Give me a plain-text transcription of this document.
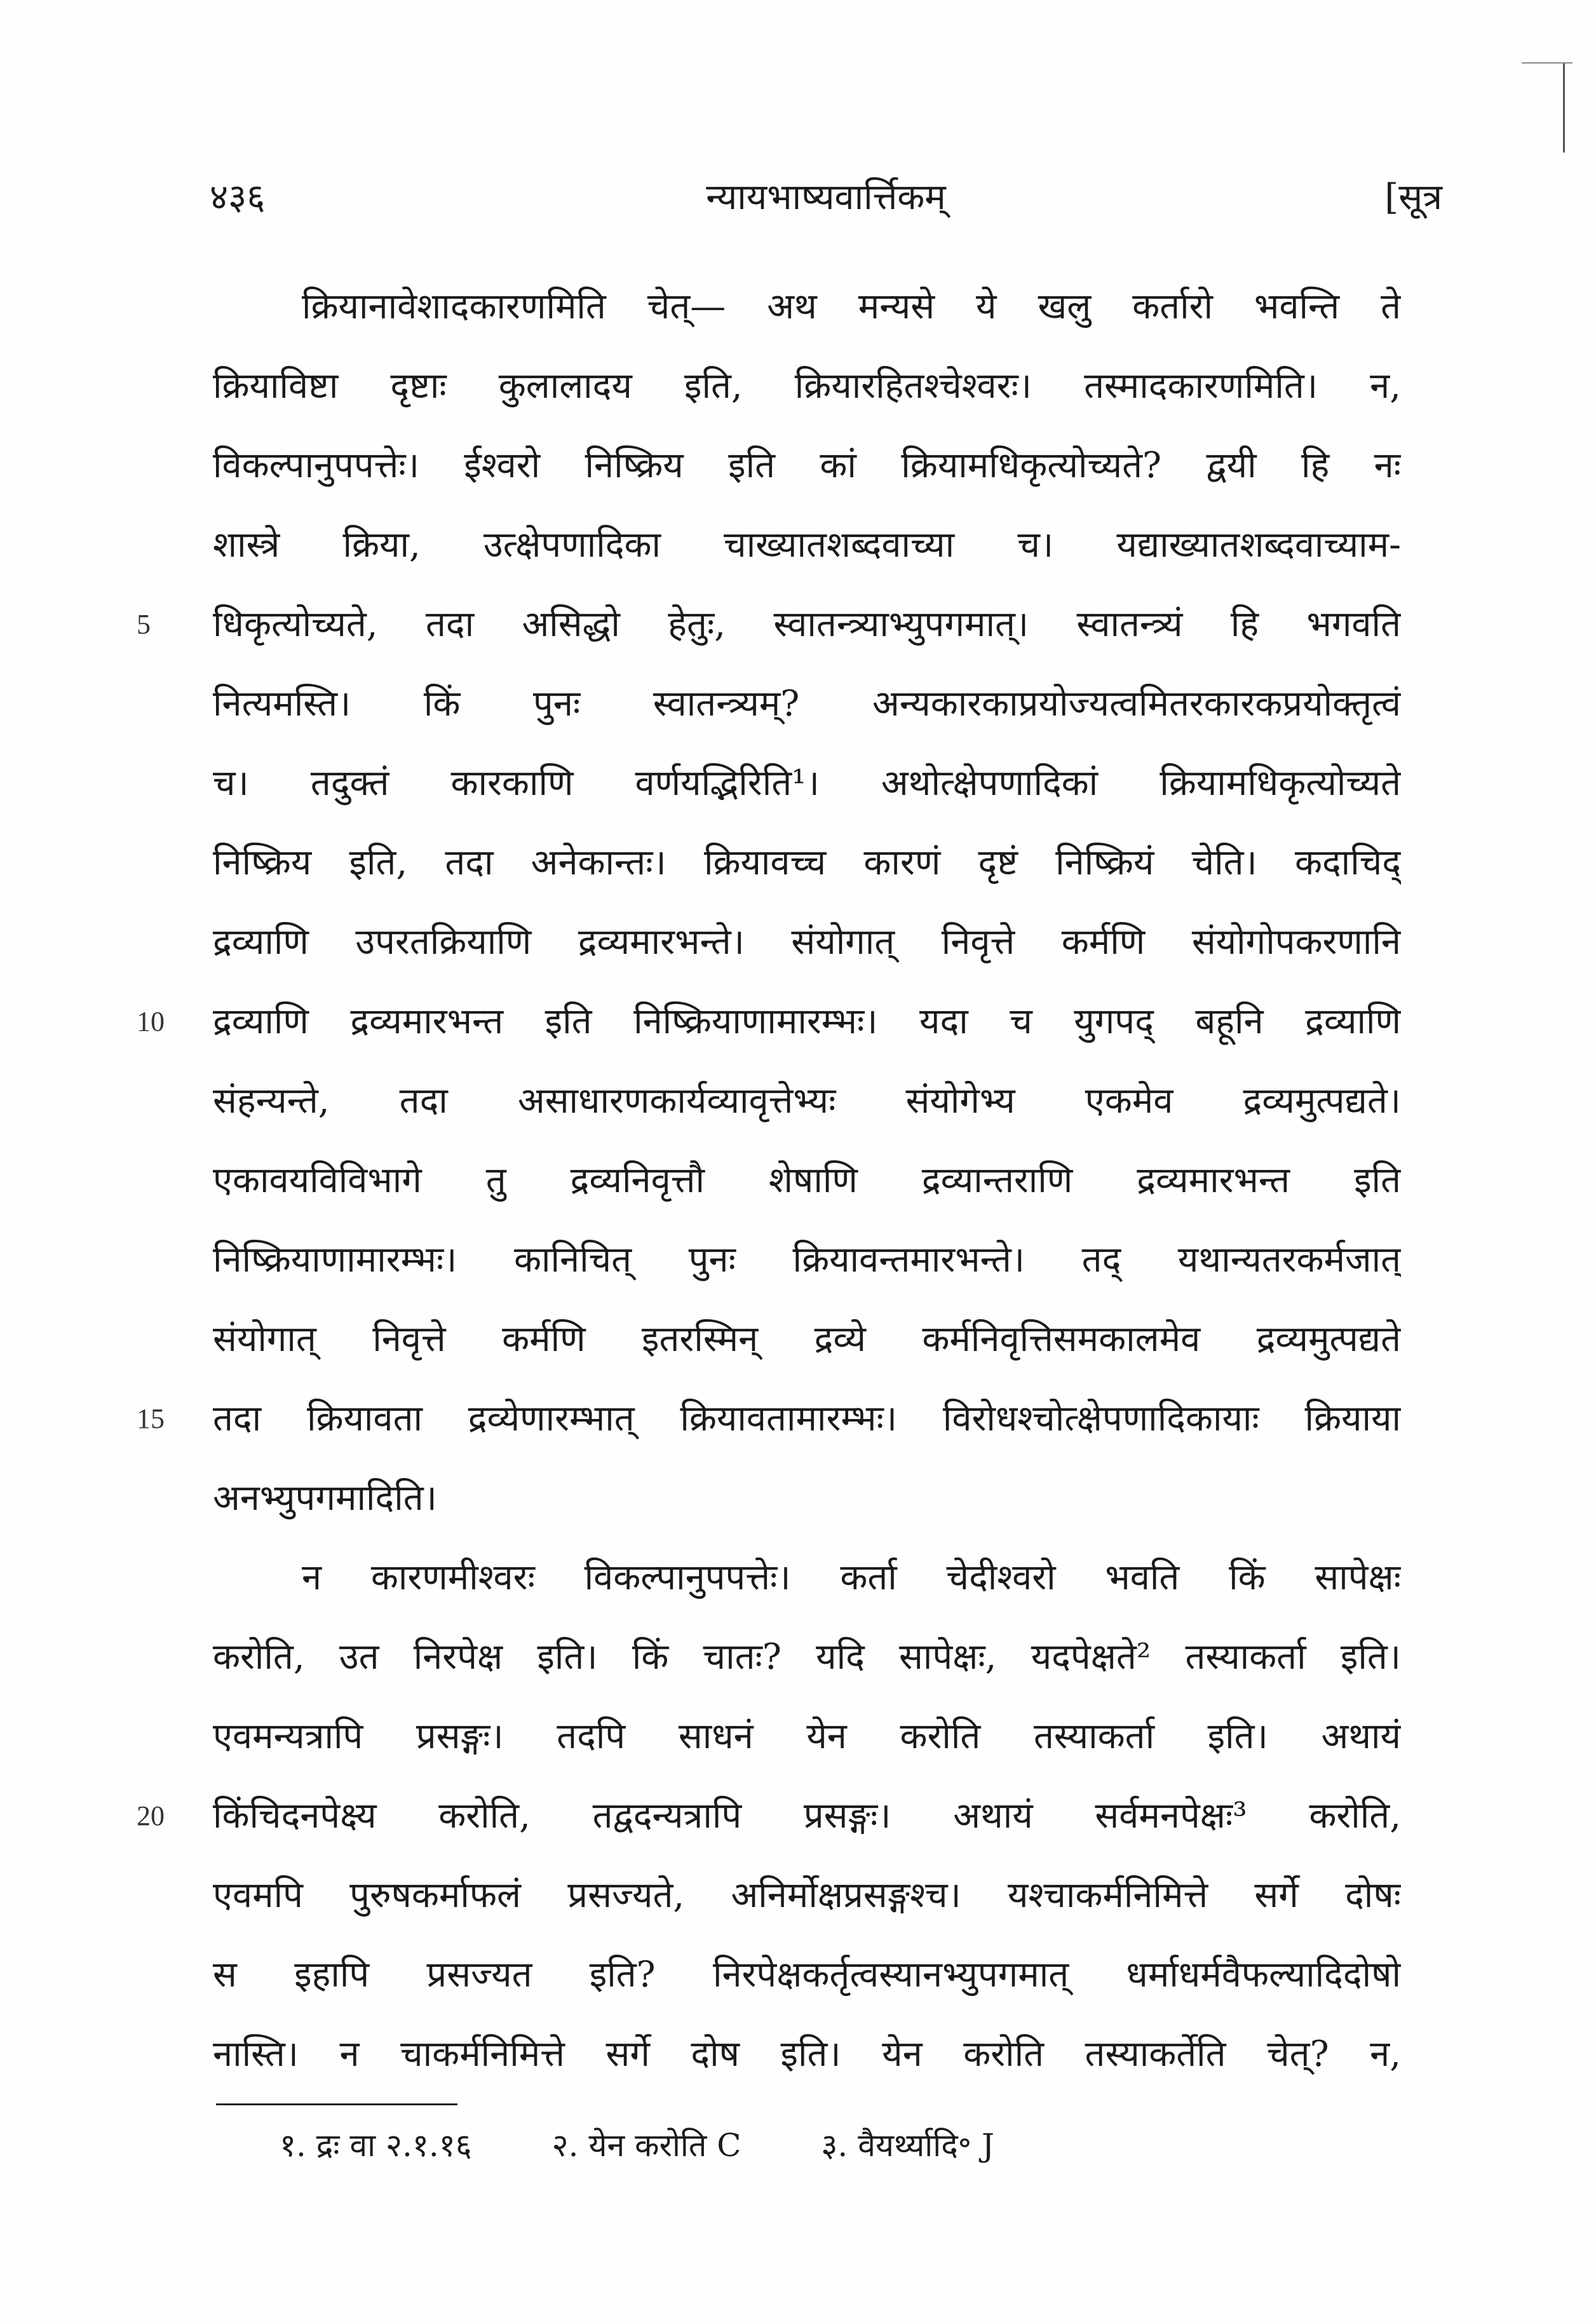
४३६	न्यायभाष्यवार्त्तिकम्	[सूत्र
क्रियानावेशादकारणमिति चेत्— अथ मन्यसे ये खलु कर्तारो भवन्ति ते
क्रियाविष्टा दृष्टाः कुलालादय इति, क्रियारहितश्चेश्वरः। तस्मादकारणमिति। न,
विकल्पानुपपत्तेः। ईश्वरो निष्क्रिय इति कां क्रियामधिकृत्योच्यते? द्वयी हि नः
शास्त्रे क्रिया, उत्क्षेपणादिका चाख्यातशब्दवाच्या च। यद्याख्यातशब्दवाच्याम-
5	धिकृत्योच्यते, तदा असिद्धो हेतुः, स्वातन्त्र्याभ्युपगमात्। स्वातन्त्र्यं हि भगवति
नित्यमस्ति। किं पुनः स्वातन्त्र्यम्? अन्यकारकाप्रयोज्यत्वमितरकारकप्रयोक्तृत्वं
च। तदुक्तं कारकाणि वर्णयद्भिरिति¹। अथोत्क्षेपणादिकां क्रियामधिकृत्योच्यते
निष्क्रिय इति, तदा अनेकान्तः। क्रियावच्च कारणं दृष्टं निष्क्रियं चेति। कदाचिद्
द्रव्याणि उपरतक्रियाणि द्रव्यमारभन्ते। संयोगात् निवृत्ते कर्मणि संयोगोपकरणानि
10	द्रव्याणि द्रव्यमारभन्त इति निष्क्रियाणामारम्भः। यदा च युगपद् बहूनि द्रव्याणि
संहन्यन्ते, तदा असाधारणकार्यव्यावृत्तेभ्यः संयोगेभ्य एकमेव द्रव्यमुत्पद्यते।
एकावयविविभागे तु द्रव्यनिवृत्तौ शेषाणि द्रव्यान्तराणि द्रव्यमारभन्त इति
निष्क्रियाणामारम्भः। कानिचित् पुनः क्रियावन्तमारभन्ते। तद् यथान्यतरकर्मजात्
संयोगात् निवृत्ते कर्मणि इतरस्मिन् द्रव्ये कर्मनिवृत्तिसमकालमेव द्रव्यमुत्पद्यते
15	तदा क्रियावता द्रव्येणारम्भात् क्रियावतामारम्भः। विरोधश्चोत्क्षेपणादिकायाः क्रियाया
अनभ्युपगमादिति।
न कारणमीश्वरः विकल्पानुपपत्तेः। कर्ता चेदीश्वरो भवति किं सापेक्षः
करोति, उत निरपेक्ष इति। किं चातः? यदि सापेक्षः, यदपेक्षते² तस्याकर्ता इति।
एवमन्यत्रापि प्रसङ्गः। तदपि साधनं येन करोति तस्याकर्ता इति। अथायं
20	किंचिदनपेक्ष्य करोति, तद्वदन्यत्रापि प्रसङ्गः। अथायं सर्वमनपेक्षः³ करोति,
एवमपि पुरुषकर्माफलं प्रसज्यते, अनिर्मोक्षप्रसङ्गश्च। यश्चाकर्मनिमित्ते सर्गे दोषः
स इहापि प्रसज्यत इति? निरपेक्षकर्तृत्वस्यानभ्युपगमात् धर्माधर्मवैफल्यादिदोषो
नास्ति। न चाकर्मनिमित्ते सर्गे दोष इति। येन करोति तस्याकर्तेति चेत्? न,
१. द्रः वा २.१.१६	२. येन करोति C	३. वैयर्थ्यादि॰ J
